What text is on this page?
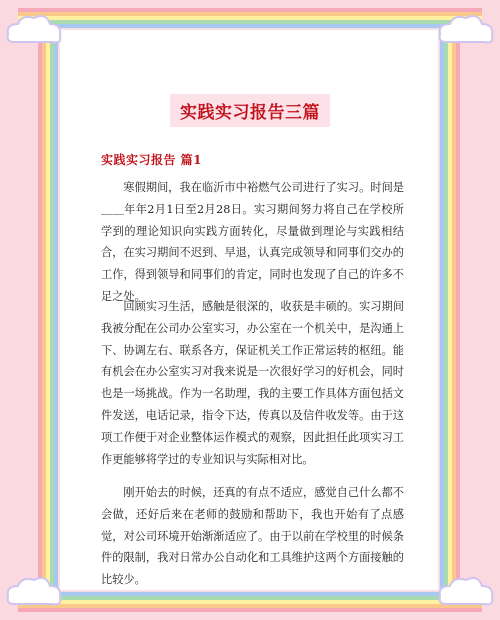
实践实习报告三篇
实践实习报告 篇1

寒假期间，我在临沂市中裕燃气公司进行了实习。时间是＿＿年年2月1日至2月28日。实习期间努力将自己在学校所学到的理论知识向实践方面转化，尽量做到理论与实践相结合，在实习期间不迟到、早退，认真完成领导和同事们交办的工作，得到领导和同事们的肯定，同时也发现了自己的许多不足之处。

回顾实习生活，感触是很深的，收获是丰硕的。实习期间我被分配在公司办公室实习，办公室在一个机关中，是沟通上下、协调左右、联系各方，保证机关工作正常运转的枢纽。能有机会在办公室实习对我来说是一次很好学习的好机会，同时也是一场挑战。作为一名助理，我的主要工作具体方面包括文件发送，电话记录，指令下达，传真以及信件收发等。由于这项工作便于对企业整体运作模式的观察，因此担任此项实习工作更能够将学过的专业知识与实际相对比。

刚开始去的时候，还真的有点不适应，感觉自己什么都不会做，还好后来在老师的鼓励和帮助下，我也开始有了点感觉，对公司环境开始渐渐适应了。由于以前在学校里的时候条件的限制，我对日常办公自动化和工具维护这两个方面接触的比较少。
